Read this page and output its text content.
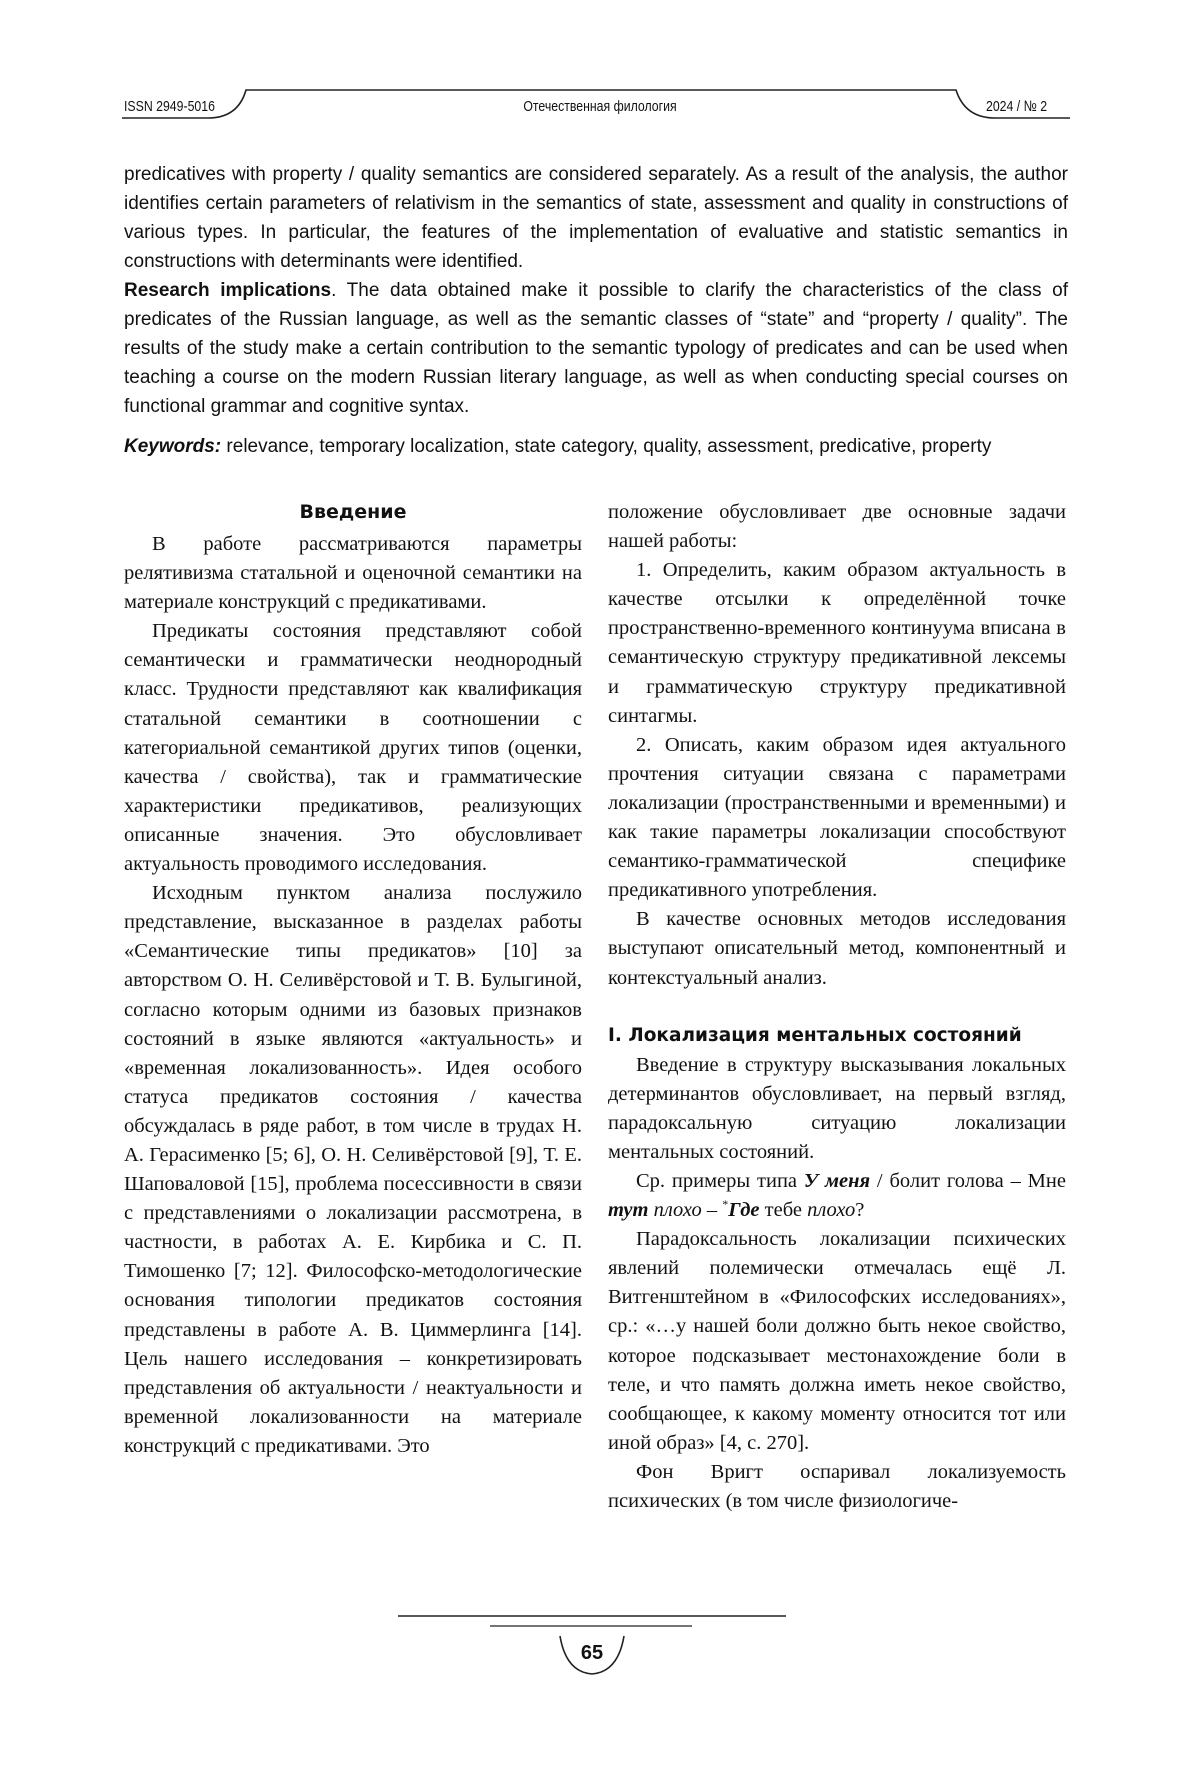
ISSN 2949-5016	Отечественная филология	2024 / № 2

predicatives with property / quality semantics are considered separately. As a result of the analysis, the author identifies certain parameters of relativism in the semantics of state, assessment and quality in constructions of various types. In particular, the features of the implementation of evaluative and statistic semantics in constructions with determinants were identified.

Research implications. The data obtained make it possible to clarify the characteristics of the class of predicates of the Russian language, as well as the semantic classes of “state” and “property / quality”. The results of the study make a certain contribution to the semantic typology of predicates and can be used when teaching a course on the modern Russian literary language, as well as when conducting special courses on functional grammar and cognitive syntax.

Keywords: relevance, temporary localization, state category, quality, assessment, predicative, property

Введение

В работе рассматриваются параметры релятивизма статальной и оценочной семантики на материале конструкций с предикативами.

Предикаты состояния представляют собой семантически и грамматически неоднородный класс. Трудности представляют как квалификация статальной семантики в соотношении с категориальной семантикой других типов (оценки, качества / свойства), так и грамматические характеристики предикативов, реализующих описанные значения. Это обусловливает актуальность проводимого исследования.

Исходным пунктом анализа послужило представление, высказанное в разделах работы «Семантические типы предикатов» [10] за авторством О. Н. Селивёрстовой и Т. В. Булыгиной, согласно которым одними из базовых признаков состояний в языке являются «актуальность» и «временная локализованность». Идея особого статуса предикатов состояния / качества обсуждалась в ряде работ, в том числе в трудах Н. А. Герасименко [5; 6], О. Н. Селивёрстовой [9], Т. Е. Шаповаловой [15], проблема посессивности в связи с представлениями о локализации рассмотрена, в частности, в работах А. Е. Кирбика и С. П. Тимошенко [7; 12]. Философско-методологические основания типологии предикатов состояния представлены в работе А. В. Циммерлинга [14]. Цель нашего исследования – конкретизировать представления об актуальности / неактуальности и временной локализованности на материале конструкций с предикативами. Это

положение обусловливает две основные задачи нашей работы:

1. Определить, каким образом актуальность в качестве отсылки к определённой точке пространственно-временного континуума вписана в семантическую структуру предикативной лексемы и грамматическую структуру предикативной синтагмы.

2. Описать, каким образом идея актуального прочтения ситуации связана с параметрами локализации (пространственными и временными) и как такие параметры локализации способствуют семантико-грамматической специфике предикативного употребления.

В качестве основных методов исследования выступают описательный метод, компонентный и контекстуальный анализ.

I. Локализация ментальных состояний

Введение в структуру высказывания локальных детерминантов обусловливает, на первый взгляд, парадоксальную ситуацию локализации ментальных состояний.

Ср. примеры типа У меня / болит голова – Мне тут плохо – *Где тебе плохо?

Парадоксальность локализации психических явлений полемически отмечалась ещё Л. Витгенштейном в «Философских исследованиях», ср.: «…у нашей боли должно быть некое свойство, которое подсказывает местонахождение боли в теле, и что память должна иметь некое свойство, сообщающее, к какому моменту относится тот или иной образ» [4, с. 270].

Фон Вригт оспаривал локализуемость психических (в том числе физиологиче-

65
